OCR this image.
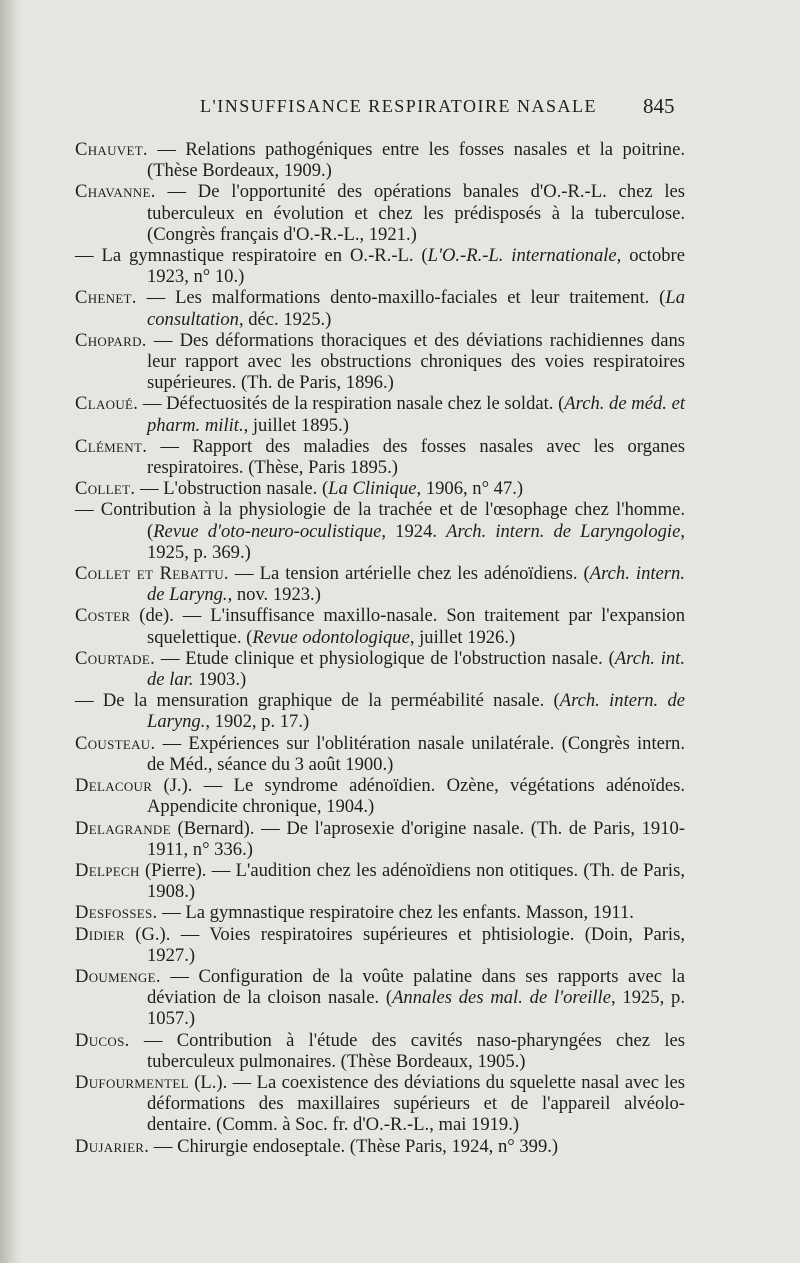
L'INSUFFISANCE RESPIRATOIRE NASALE 845

Chauvet. — Relations pathogéniques entre les fosses nasales et la poitrine. (Thèse Bordeaux, 1909.)

Chavanne. — De l'opportunité des opérations banales d'O.-R.-L. chez les tuberculeux en évolution et chez les prédisposés à la tuberculose. (Congrès français d'O.-R.-L., 1921.)

— La gymnastique respiratoire en O.-R.-L. (L'O.-R.-L. internationale, octobre 1923, n° 10.)

Chenet. — Les malformations dento-maxillo-faciales et leur traitement. (La consultation, déc. 1925.)

Chopard. — Des déformations thoraciques et des déviations rachidiennes dans leur rapport avec les obstructions chroniques des voies respiratoires supérieures. (Th. de Paris, 1896.)

Claoué. — Défectuosités de la respiration nasale chez le soldat. (Arch. de méd. et pharm. milit., juillet 1895.)

Clément. — Rapport des maladies des fosses nasales avec les organes respiratoires. (Thèse, Paris 1895.)

Collet. — L'obstruction nasale. (La Clinique, 1906, n° 47.)

— Contribution à la physiologie de la trachée et de l'œsophage chez l'homme. (Revue d'oto-neuro-oculistique, 1924. Arch. intern. de Laryngologie, 1925, p. 369.)

Collet et Rebattu. — La tension artérielle chez les adénoïdiens. (Arch. intern. de Laryng., nov. 1923.)

Coster (de). — L'insuffisance maxillo-nasale. Son traitement par l'expansion squelettique. (Revue odontologique, juillet 1926.)

Courtade. — Etude clinique et physiologique de l'obstruction nasale. (Arch. int. de lar. 1903.)

— De la mensuration graphique de la perméabilité nasale. (Arch. intern. de Laryng., 1902, p. 17.)

Cousteau. — Expériences sur l'oblitération nasale unilatérale. (Congrès intern. de Méd., séance du 3 août 1900.)

Delacour (J.). — Le syndrome adénoïdien. Ozène, végétations adénoïdes. Appendicite chronique, 1904.)

Delagrande (Bernard). — De l'aprosexie d'origine nasale. (Th. de Paris, 1910-1911, n° 336.)

Delpech (Pierre). — L'audition chez les adénoïdiens non otitiques. (Th. de Paris, 1908.)

Desfosses. — La gymnastique respiratoire chez les enfants. Masson, 1911.

Didier (G.). — Voies respiratoires supérieures et phtisiologie. (Doin, Paris, 1927.)

Doumenge. — Configuration de la voûte palatine dans ses rapports avec la déviation de la cloison nasale. (Annales des mal. de l'oreille, 1925, p. 1057.)

Ducos. — Contribution à l'étude des cavités naso-pharyngées chez les tuberculeux pulmonaires. (Thèse Bordeaux, 1905.)

Dufourmentel (L.). — La coexistence des déviations du squelette nasal avec les déformations des maxillaires supérieurs et de l'appareil alvéolo-dentaire. (Comm. à Soc. fr. d'O.-R.-L., mai 1919.)

Dujarier. — Chirurgie endoseptale. (Thèse Paris, 1924, n° 399.)
